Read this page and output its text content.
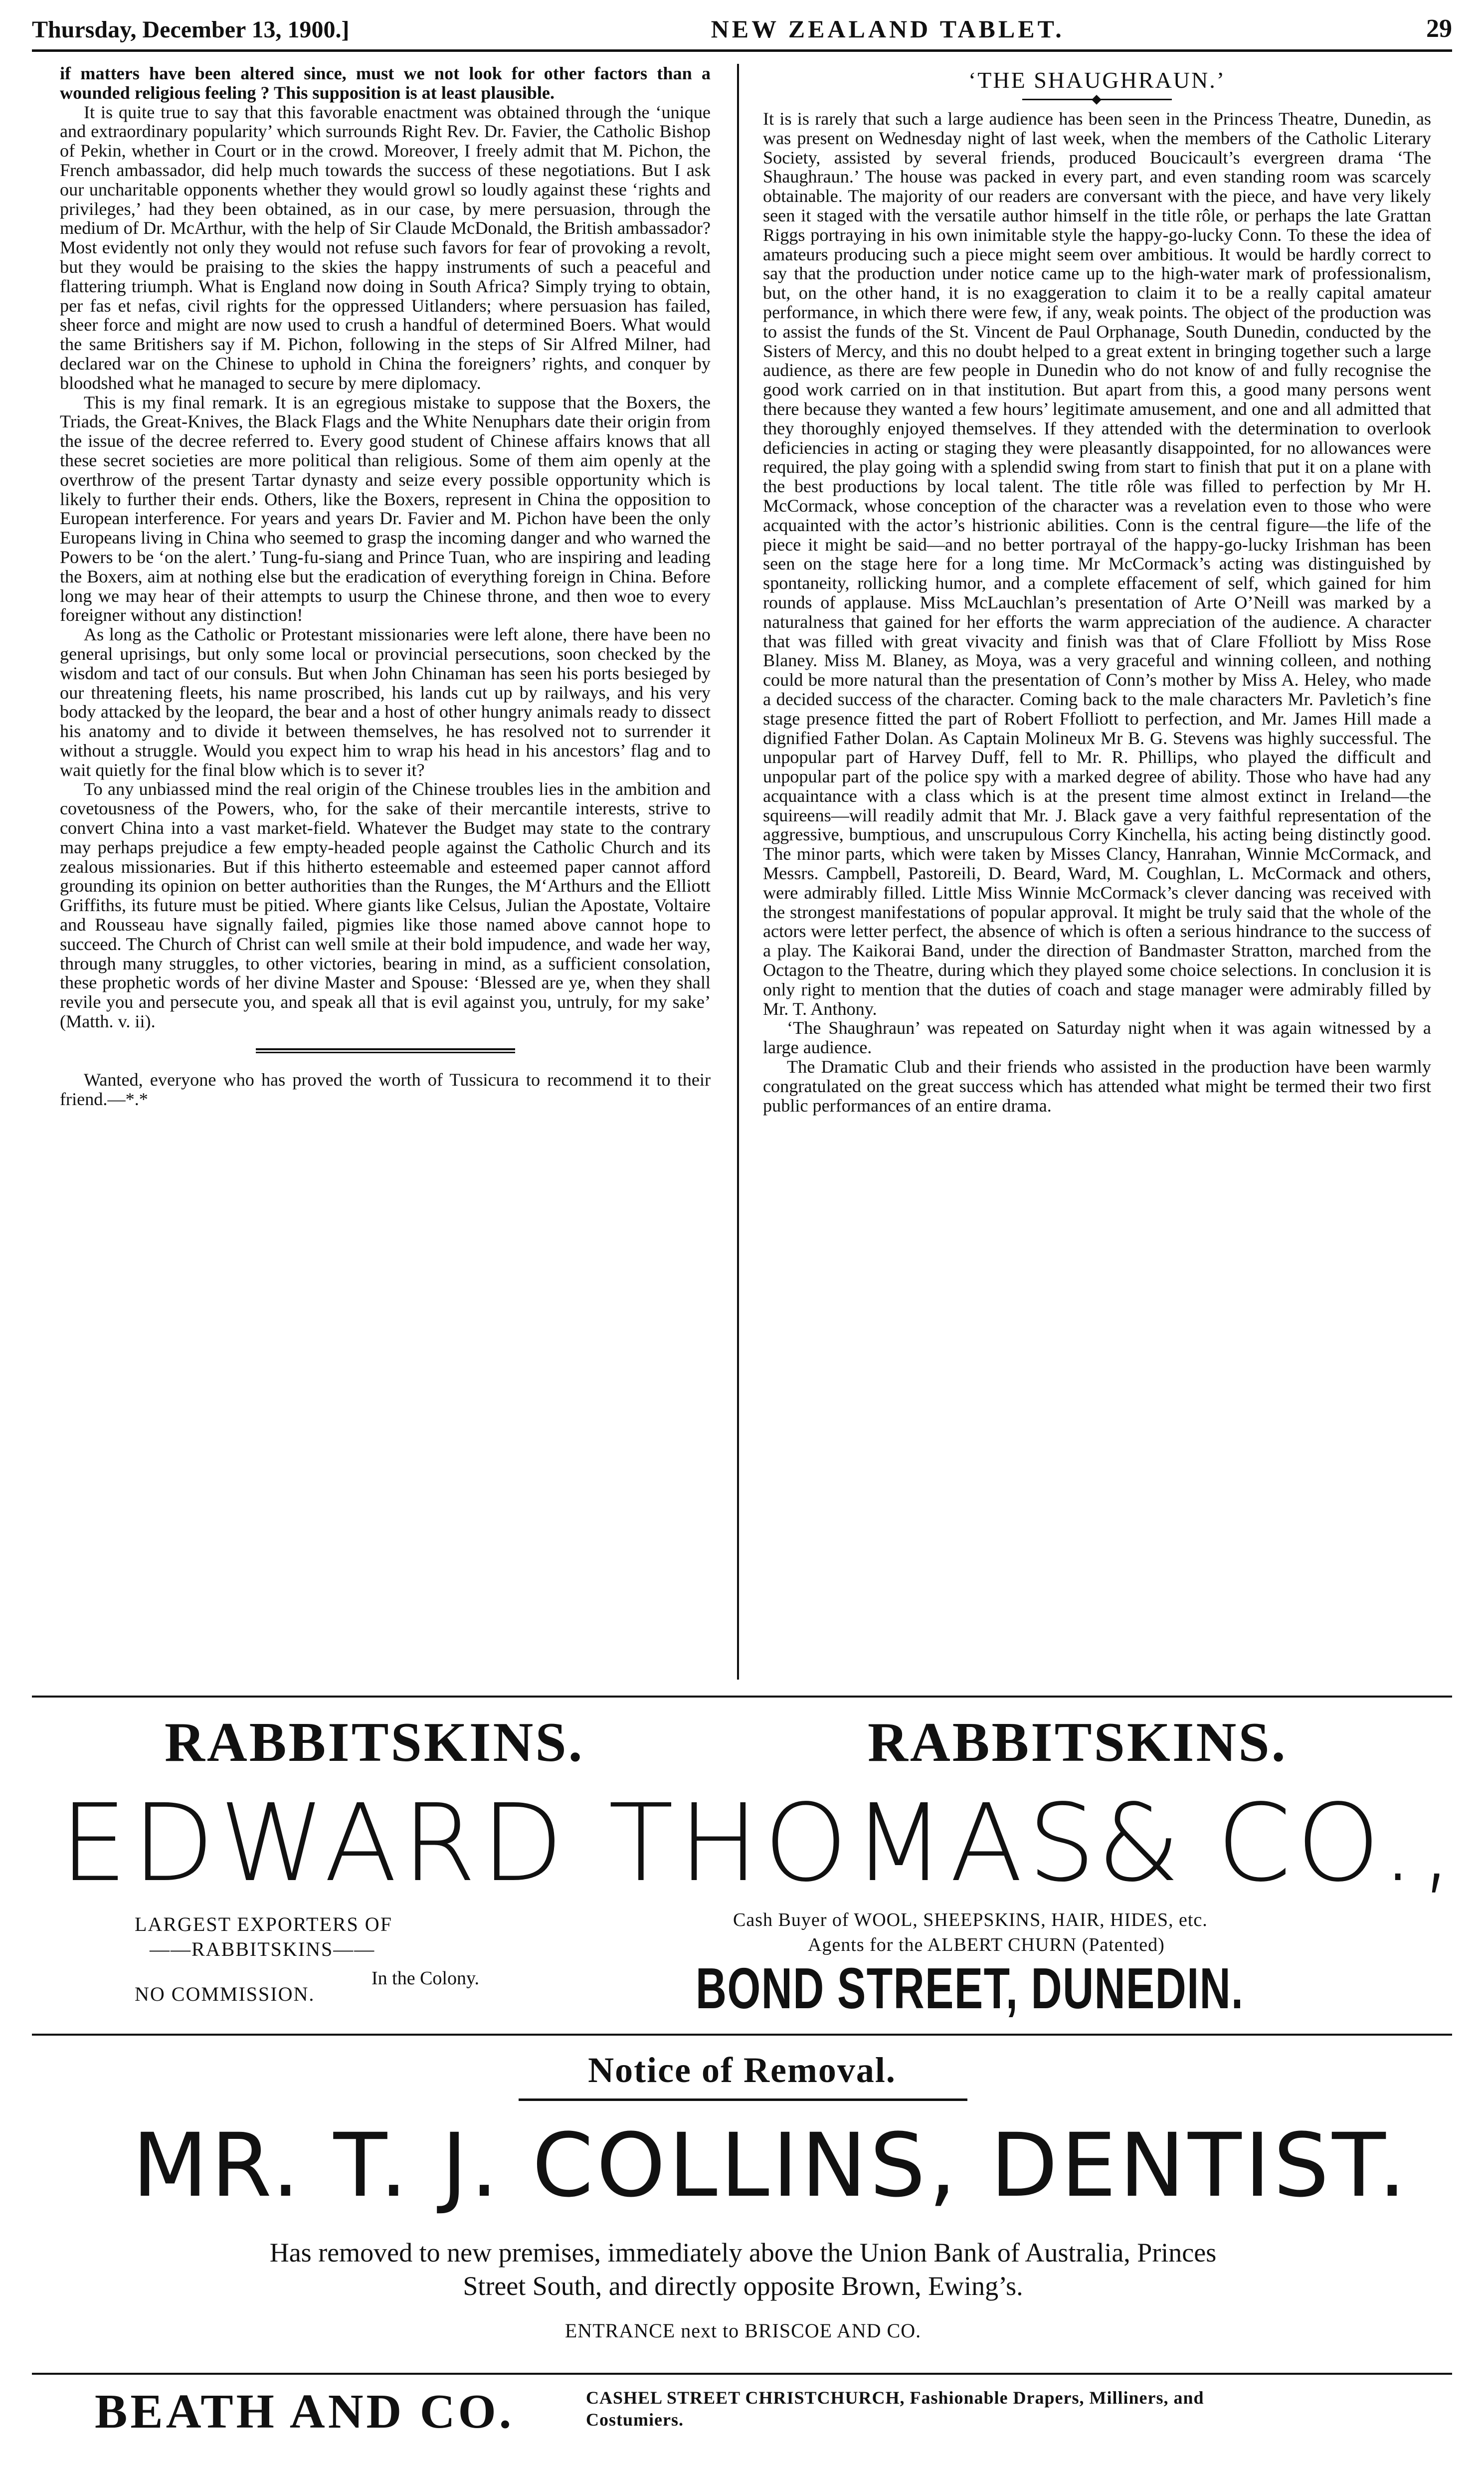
Thursday, December 13, 1900.]	NEW ZEALAND TABLET.	29

if matters have been altered since, must we not look for other factors than a wounded religious feeling ? This supposition is at least plausible.

It is quite true to say that this favorable enactment was obtained through the ‘unique and extraordinary popularity’ which surrounds Right Rev. Dr. Favier, the Catholic Bishop of Pekin, whether in Court or in the crowd. Moreover, I freely admit that M. Pichon, the French ambassador, did help much towards the success of these negotiations. But I ask our uncharitable opponents whether they would growl so loudly against these ‘rights and privileges,’ had they been obtained, as in our case, by mere persuasion, through the medium of Dr. McArthur, with the help of Sir Claude McDonald, the British ambassador? Most evidently not only they would not refuse such favors for fear of provoking a revolt, but they would be praising to the skies the happy instruments of such a peaceful and flattering triumph. What is England now doing in South Africa? Simply trying to obtain, per fas et nefas, civil rights for the oppressed Uitlanders; where persuasion has failed, sheer force and might are now used to crush a handful of determined Boers. What would the same Britishers say if M. Pichon, following in the steps of Sir Alfred Milner, had declared war on the Chinese to uphold in China the foreigners’ rights, and conquer by bloodshed what he managed to secure by mere diplomacy.

This is my final remark. It is an egregious mistake to suppose that the Boxers, the Triads, the Great-Knives, the Black Flags and the White Nenuphars date their origin from the issue of the decree referred to. Every good student of Chinese affairs knows that all these secret societies are more political than religious. Some of them aim openly at the overthrow of the present Tartar dynasty and seize every possible opportunity which is likely to further their ends. Others, like the Boxers, represent in China the opposition to European interference. For years and years Dr. Favier and M. Pichon have been the only Europeans living in China who seemed to grasp the incoming danger and who warned the Powers to be ‘on the alert.’ Tung-fu-siang and Prince Tuan, who are inspiring and leading the Boxers, aim at nothing else but the eradication of everything foreign in China. Before long we may hear of their attempts to usurp the Chinese throne, and then woe to every foreigner without any distinction!

As long as the Catholic or Protestant missionaries were left alone, there have been no general uprisings, but only some local or provincial persecutions, soon checked by the wisdom and tact of our consuls. But when John Chinaman has seen his ports besieged by our threatening fleets, his name proscribed, his lands cut up by railways, and his very body attacked by the leopard, the bear and a host of other hungry animals ready to dissect his anatomy and to divide it between themselves, he has resolved not to surrender it without a struggle. Would you expect him to wrap his head in his ancestors’ flag and to wait quietly for the final blow which is to sever it?

To any unbiassed mind the real origin of the Chinese troubles lies in the ambition and covetousness of the Powers, who, for the sake of their mercantile interests, strive to convert China into a vast market-field. Whatever the Budget may state to the contrary may perhaps prejudice a few empty-headed people against the Catholic Church and its zealous missionaries. But if this hitherto esteemable and esteemed paper cannot afford grounding its opinion on better authorities than the Runges, the M‘Arthurs and the Elliott Griffiths, its future must be pitied. Where giants like Celsus, Julian the Apostate, Voltaire and Rousseau have signally failed, pigmies like those named above cannot hope to succeed. The Church of Christ can well smile at their bold impudence, and wade her way, through many struggles, to other victories, bearing in mind, as a sufficient consolation, these prophetic words of her divine Master and Spouse: ‘Blessed are ye, when they shall revile you and persecute you, and speak all that is evil against you, untruly, for my sake’ (Matth. v. ii).

Wanted, everyone who has proved the worth of Tussicura to recommend it to their friend.—*.*

‘THE SHAUGHRAUN.’

It is is rarely that such a large audience has been seen in the Princess Theatre, Dunedin, as was present on Wednesday night of last week, when the members of the Catholic Literary Society, assisted by several friends, produced Boucicault’s evergreen drama ‘The Shaughraun.’ The house was packed in every part, and even standing room was scarcely obtainable. The majority of our readers are conversant with the piece, and have very likely seen it staged with the versatile author himself in the title rôle, or perhaps the late Grattan Riggs portraying in his own inimitable style the happy-go-lucky Conn. To these the idea of amateurs producing such a piece might seem over ambitious. It would be hardly correct to say that the production under notice came up to the high-water mark of professionalism, but, on the other hand, it is no exaggeration to claim it to be a really capital amateur performance, in which there were few, if any, weak points. The object of the production was to assist the funds of the St. Vincent de Paul Orphanage, South Dunedin, conducted by the Sisters of Mercy, and this no doubt helped to a great extent in bringing together such a large audience, as there are few people in Dunedin who do not know of and fully recognise the good work carried on in that institution. But apart from this, a good many persons went there because they wanted a few hours’ legitimate amusement, and one and all admitted that they thoroughly enjoyed themselves. If they attended with the determination to overlook deficiencies in acting or staging they were pleasantly disappointed, for no allowances were required, the play going with a splendid swing from start to finish that put it on a plane with the best productions by local talent. The title rôle was filled to perfection by Mr H. McCormack, whose conception of the character was a revelation even to those who were acquainted with the actor’s histrionic abilities. Conn is the central figure—the life of the piece it might be said—and no better portrayal of the happy-go-lucky Irishman has been seen on the stage here for a long time. Mr McCormack’s acting was distinguished by spontaneity, rollicking humor, and a complete effacement of self, which gained for him rounds of applause. Miss McLauchlan’s presentation of Arte O’Neill was marked by a naturalness that gained for her efforts the warm appreciation of the audience. A character that was filled with great vivacity and finish was that of Clare Ffolliott by Miss Rose Blaney. Miss M. Blaney, as Moya, was a very graceful and winning colleen, and nothing could be more natural than the presentation of Conn’s mother by Miss A. Heley, who made a decided success of the character. Coming back to the male characters Mr. Pavletich’s fine stage presence fitted the part of Robert Ffolliott to perfection, and Mr. James Hill made a dignified Father Dolan. As Captain Molineux Mr B. G. Stevens was highly successful. The unpopular part of Harvey Duff, fell to Mr. R. Phillips, who played the difficult and unpopular part of the police spy with a marked degree of ability. Those who have had any acquaintance with a class which is at the present time almost extinct in Ireland—the squireens—will readily admit that Mr. J. Black gave a very faithful representation of the aggressive, bumptious, and unscrupulous Corry Kinchella, his acting being distinctly good. The minor parts, which were taken by Misses Clancy, Hanrahan, Winnie McCormack, and Messrs. Campbell, Pastoreili, D. Beard, Ward, M. Coughlan, L. McCormack and others, were admirably filled. Little Miss Winnie McCormack’s clever dancing was received with the strongest manifestations of popular approval. It might be truly said that the whole of the actors were letter perfect, the absence of which is often a serious hindrance to the success of a play. The Kaikorai Band, under the direction of Bandmaster Stratton, marched from the Octagon to the Theatre, during which they played some choice selections. In conclusion it is only right to mention that the duties of coach and stage manager were admirably filled by Mr. T. Anthony.

‘The Shaughraun’ was repeated on Saturday night when it was again witnessed by a large audience.

The Dramatic Club and their friends who assisted in the production have been warmly congratulated on the great success which has attended what might be termed their two first public performances of an entire drama.

RABBITSKINS.	RABBITSKINS.
EDWARD THOMAS
& CO.,
LARGEST EXPORTERS OF
——RABBITSKINS——
In the Colony.
NO COMMISSION.
Cash Buyer of WOOL, SHEEPSKINS, HAIR, HIDES, etc.
Agents for the ALBERT CHURN (Patented)
BOND STREET, DUNEDIN.
Notice of Removal.
MR. T. J. COLLINS, DENTIST.
Has removed to new premises, immediately above the Union Bank of Australia, Princes
Street South, and directly opposite Brown, Ewing’s.
ENTRANCE next to BRISCOE AND CO.
BEATH AND CO.	CASHEL STREET CHRISTCHURCH, Fashionable Drapers, Milliners, and
Costumiers.
